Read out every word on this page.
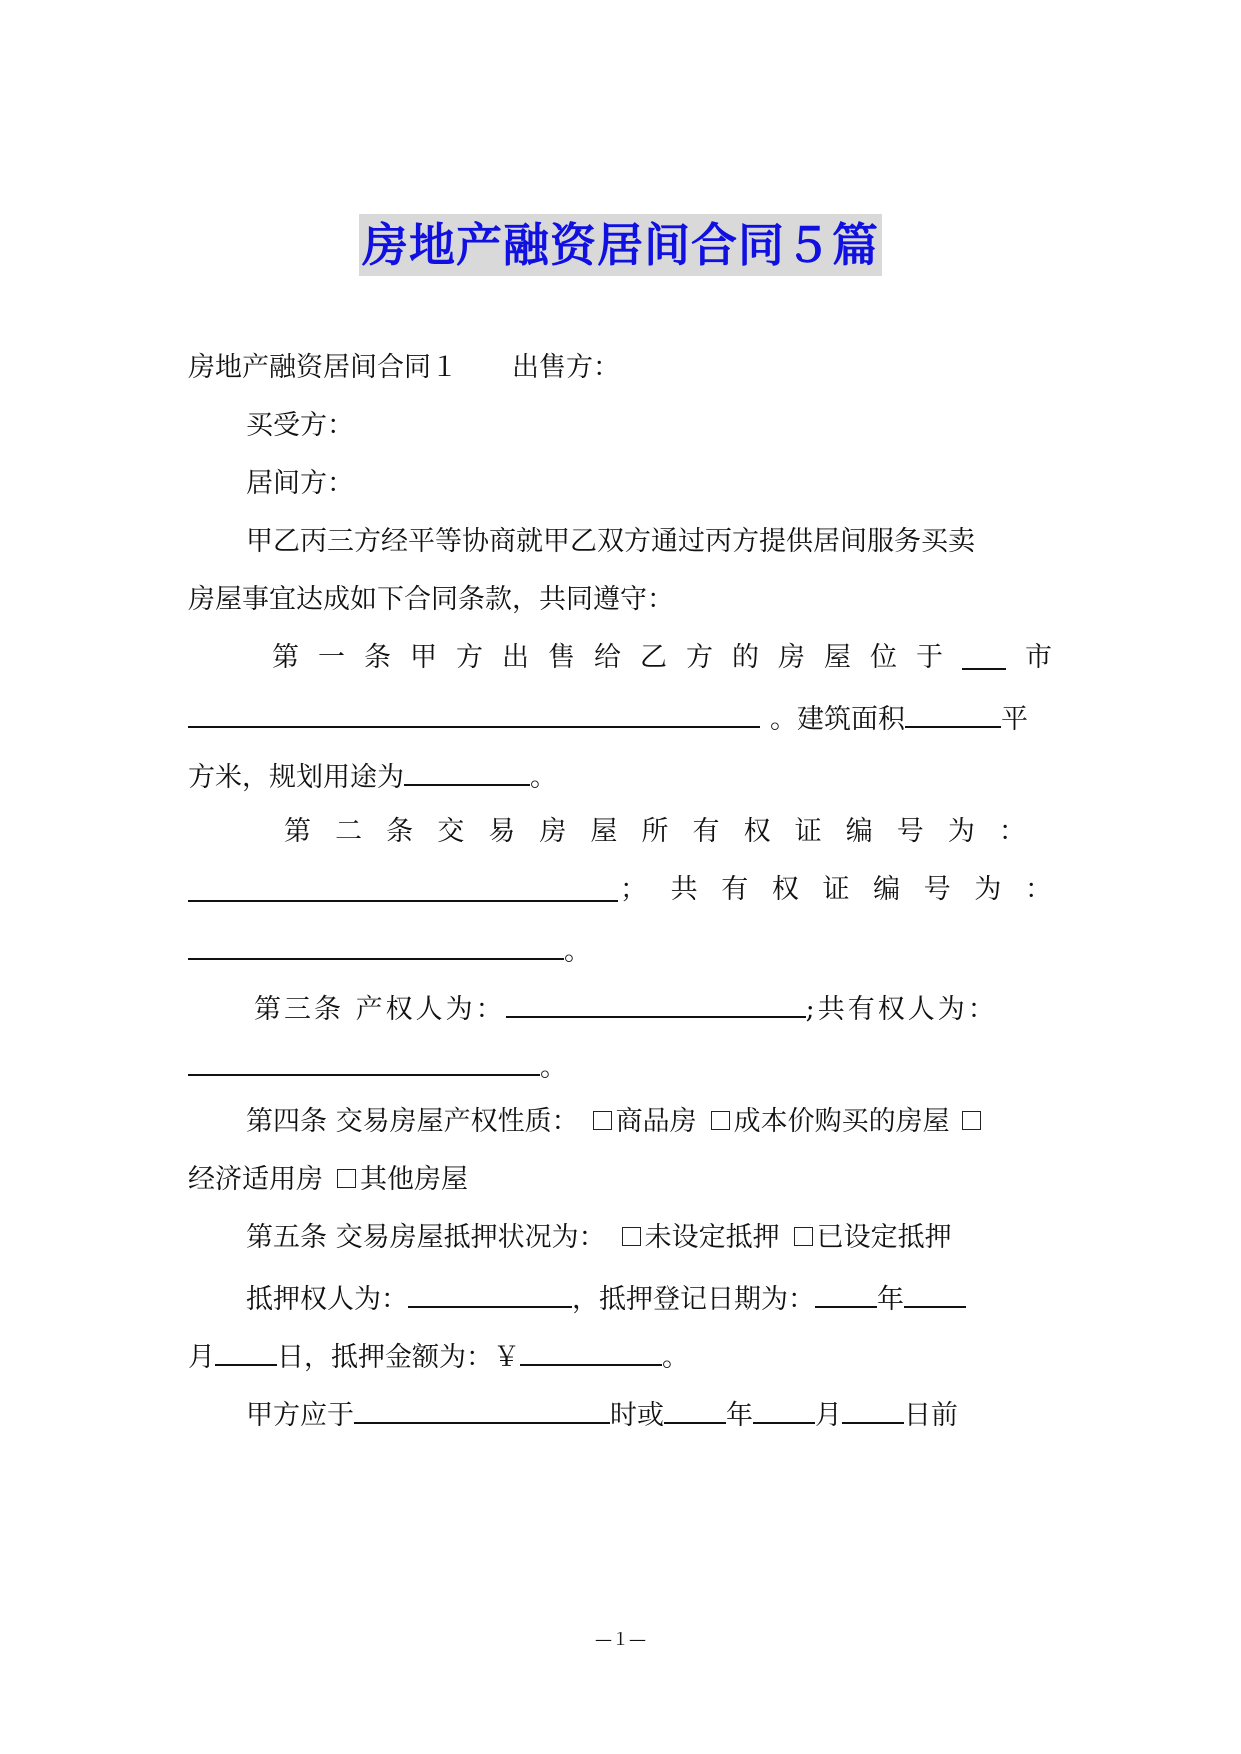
房地产融资居间合同５篇
房地产融资居间合同１ 出售方：
买受方：
居间方：
甲乙丙三方经平等协商就甲乙双方通过丙方提供居间服务买卖
房屋事宜达成如下合同条款，共同遵守：
第 一 条 甲 方 出 售 给 乙 方 的 房 屋 位 于	市
。建筑面积	平
方米，规划用途为	。
第 二 条 交 易 房 屋 所 有 权 证 编 号 为 ：
； 共 有 权 证 编 号 为 ：
。
第三条 产权人为：	;共有权人为：
。
第四条 交易房屋产权性质： 商品房 成本价购买的房屋
经济适用房 其他房屋
第五条 交易房屋抵押状况为： 未设定抵押 已设定抵押
抵押权人为：	，抵押登记日期为： 年
月 日，抵押金额为：￥	。
甲方应于	时或 年 月 日前
—１—
